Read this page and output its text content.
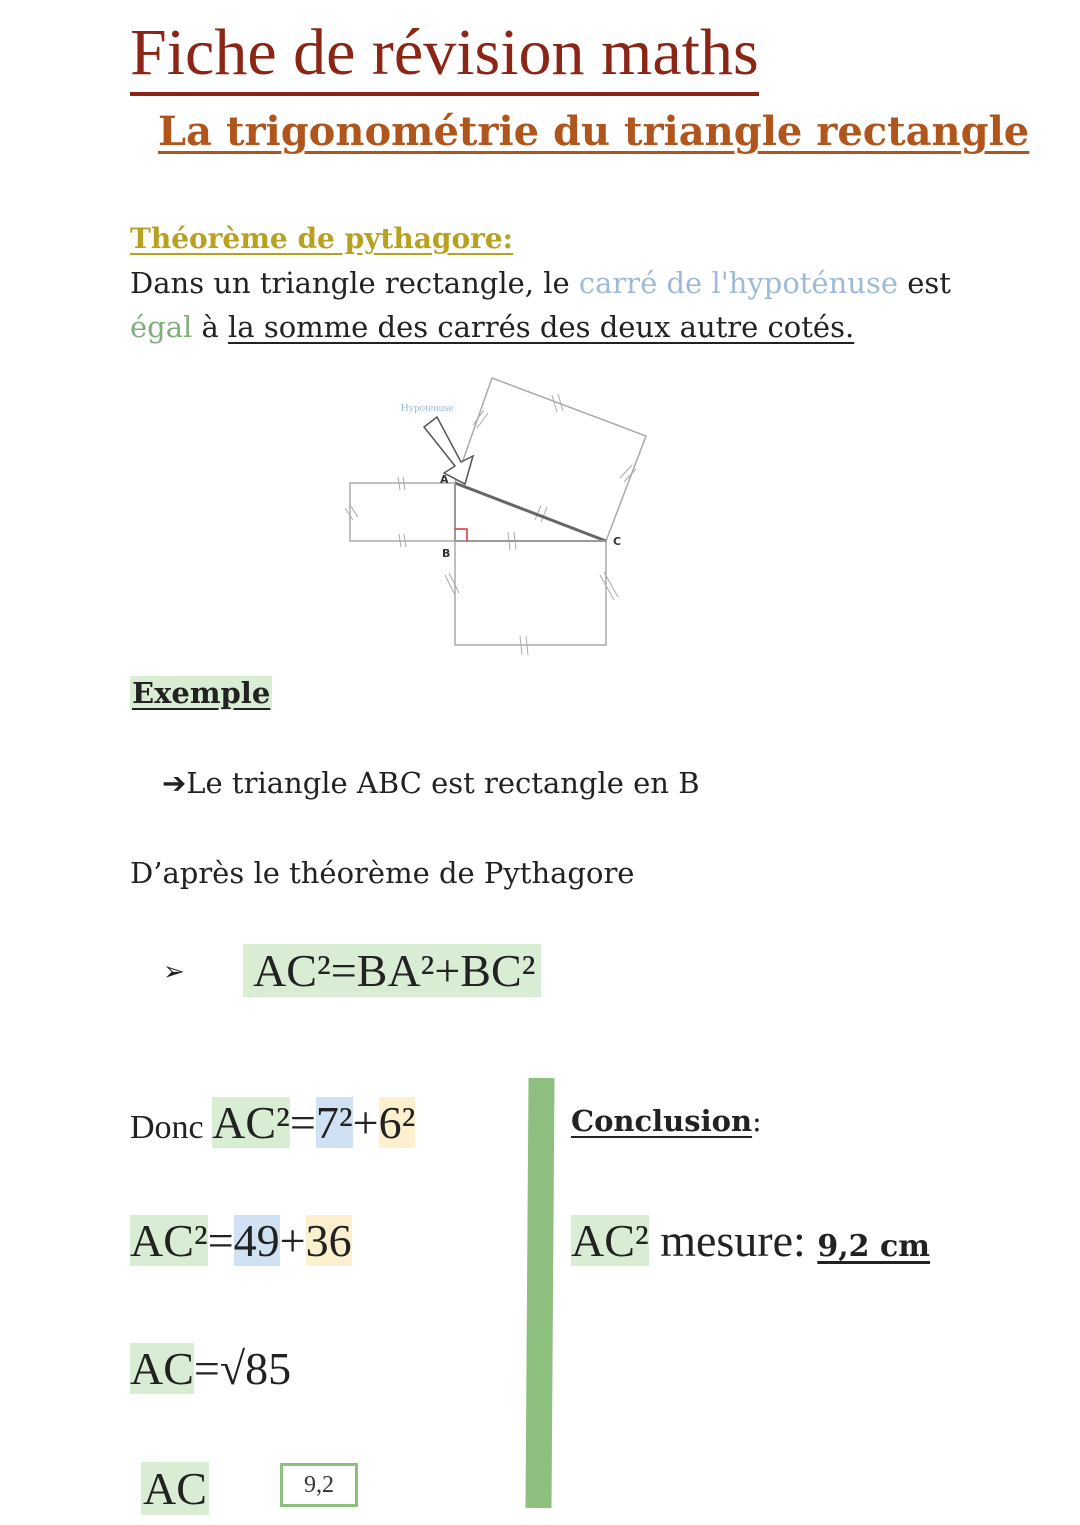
Fiche de révision maths
La trigonométrie du triangle rectangle
Théorème de pythagore:
Dans un triangle rectangle, le carré de l'hypoténuse est
égal à la somme des carrés des deux autre cotés.
Hypotenuse
A
B
C
Exemple
➔Le triangle ABC est rectangle en B
D’après le théorème de Pythagore
➢ AC²=BA²+BC²
Donc AC²=7²+6²
AC²=49+36
AC=√85
AC	9,2
Conclusion:
AC² mesure: 9,2 cm
